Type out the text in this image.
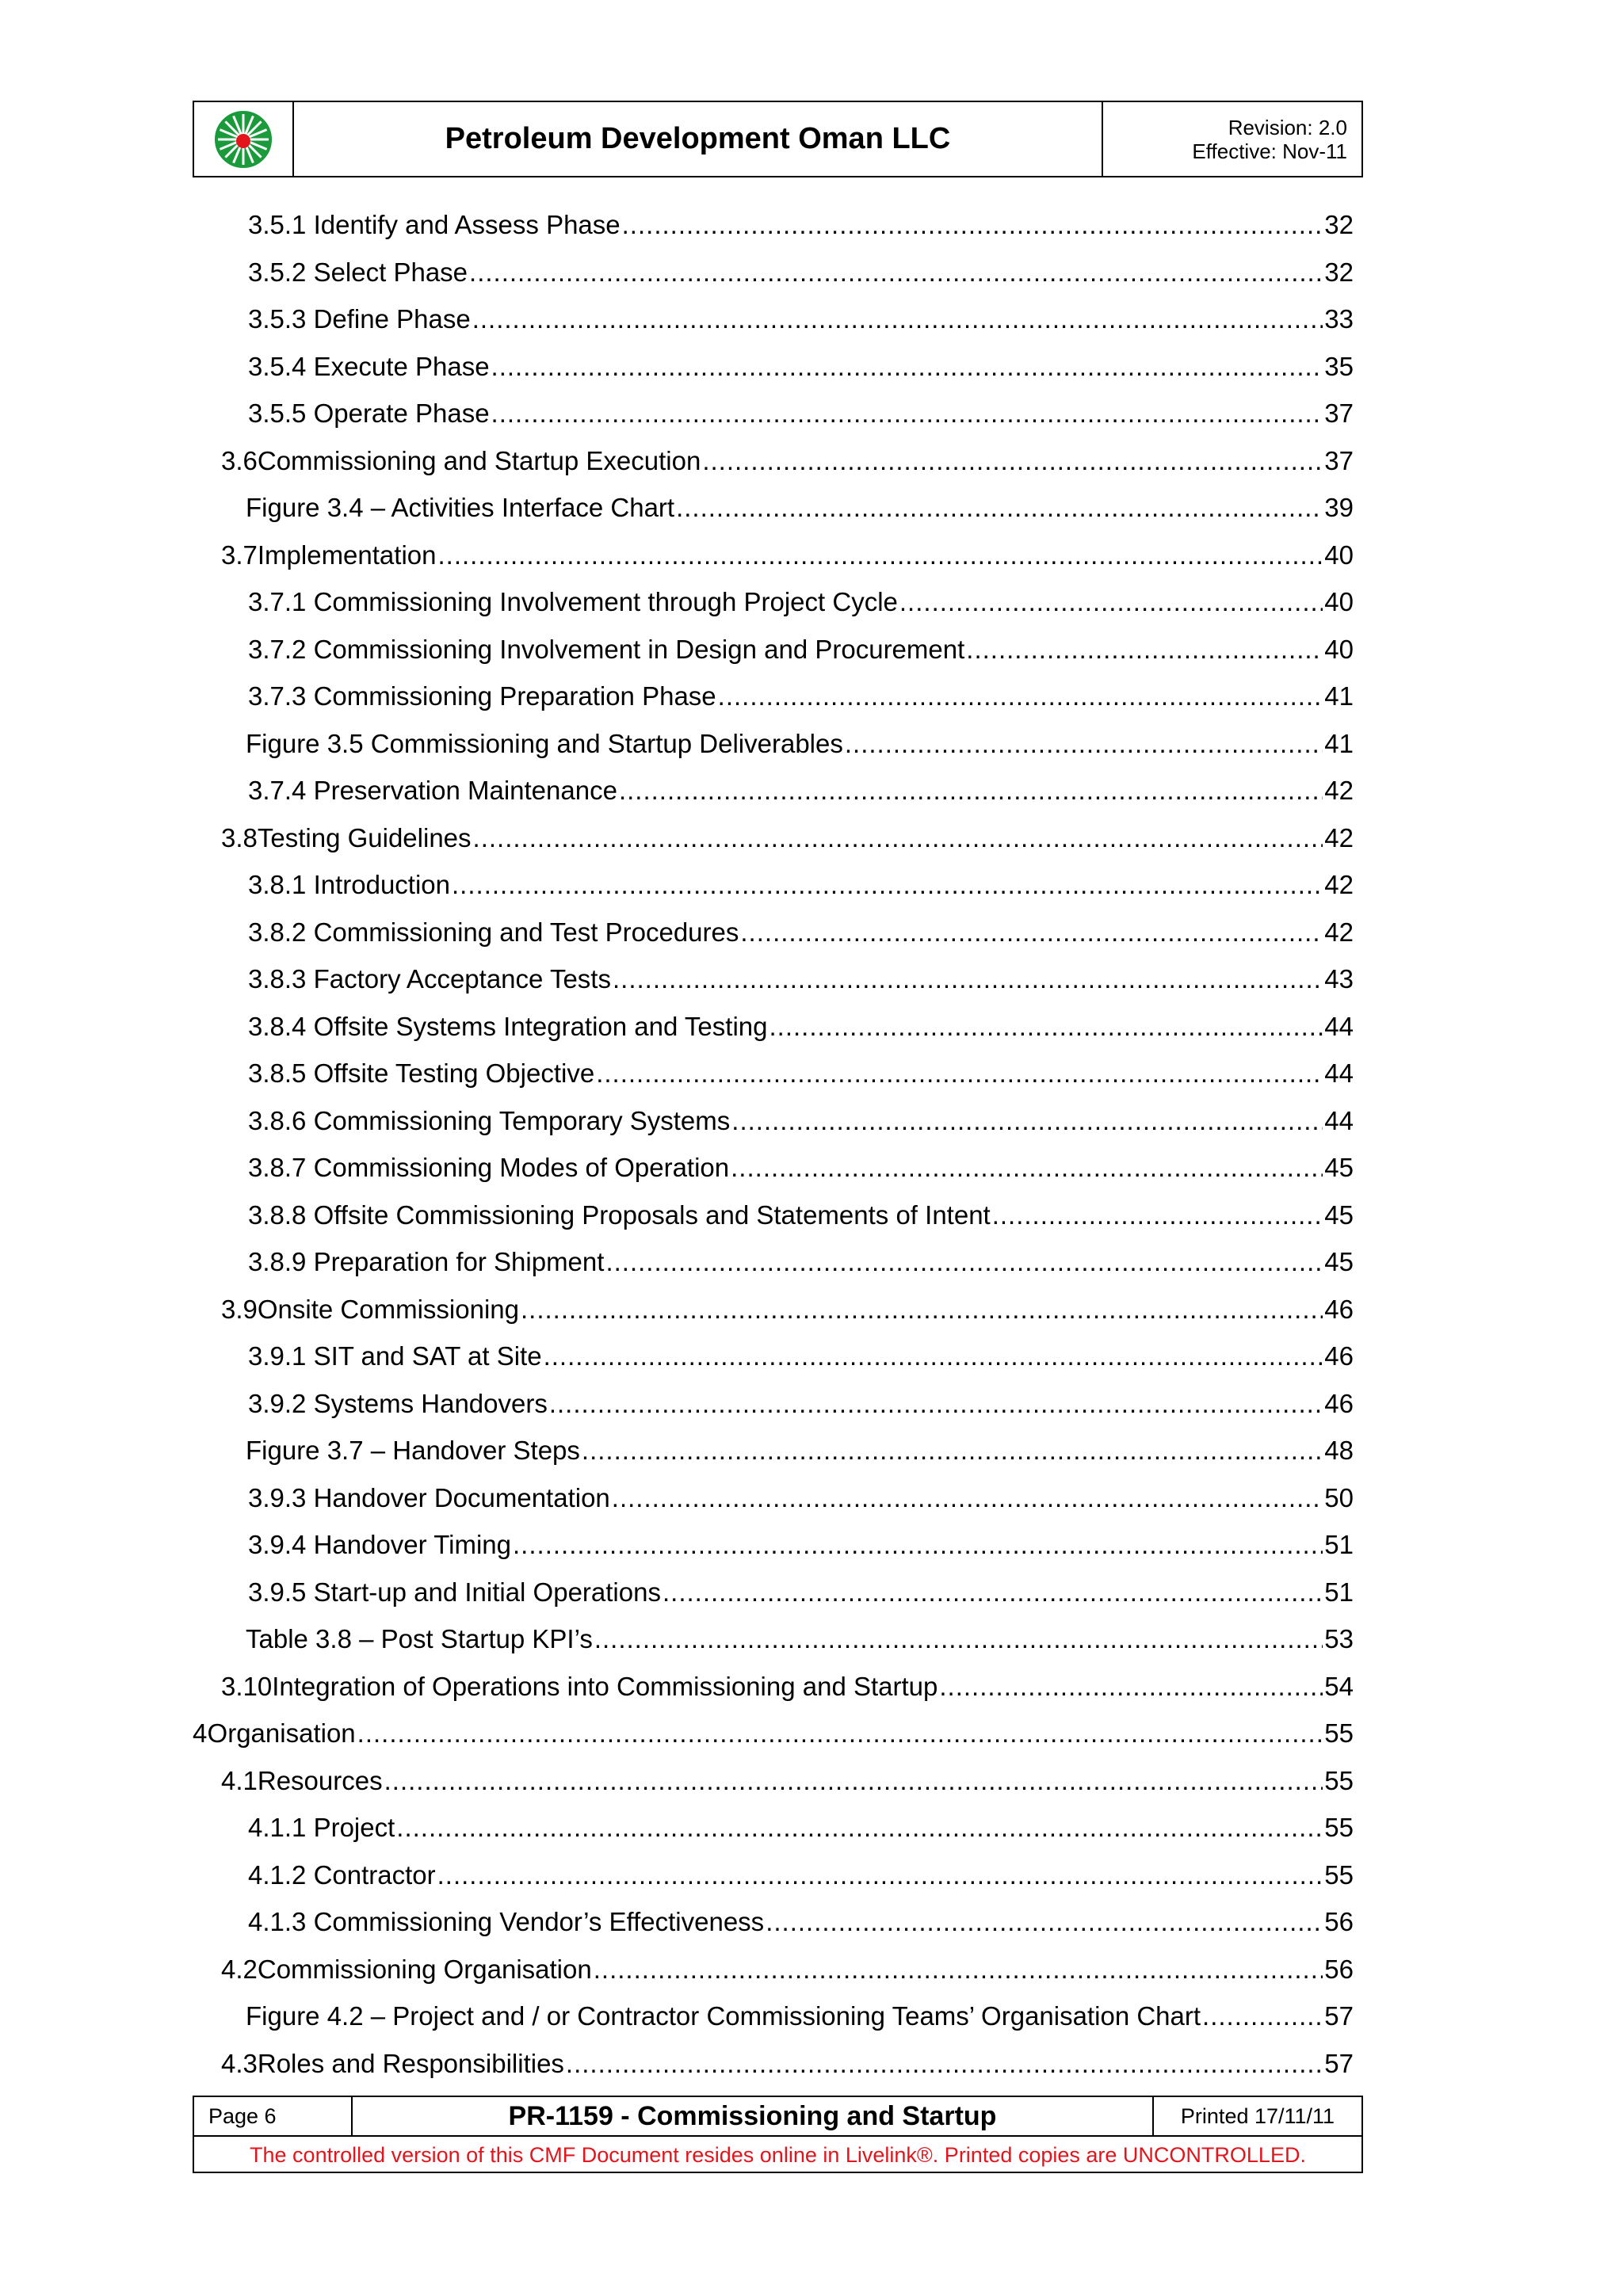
Petroleum Development Oman LLC	Revision: 2.0
Effective: Nov-11
3.5.1 Identify and Assess Phase .....	32
3.5.2 Select Phase .....	32
3.5.3 Define Phase .....	33
3.5.4 Execute Phase .....	35
3.5.5 Operate Phase .....	37
3.6 Commissioning and Startup Execution .....	37
Figure 3.4 – Activities Interface Chart .....	39
3.7 Implementation .....	40
3.7.1 Commissioning Involvement through Project Cycle .....	40
3.7.2 Commissioning Involvement in Design and Procurement .....	40
3.7.3 Commissioning Preparation Phase .....	41
Figure 3.5 Commissioning and Startup Deliverables .....	41
3.7.4 Preservation Maintenance .....	42
3.8 Testing Guidelines .....	42
3.8.1 Introduction .....	42
3.8.2 Commissioning and Test Procedures .....	42
3.8.3 Factory Acceptance Tests .....	43
3.8.4 Offsite Systems Integration and Testing .....	44
3.8.5 Offsite Testing Objective .....	44
3.8.6 Commissioning Temporary Systems .....	44
3.8.7 Commissioning Modes of Operation .....	45
3.8.8 Offsite Commissioning Proposals and Statements of Intent .....	45
3.8.9 Preparation for Shipment .....	45
3.9 Onsite Commissioning .....	46
3.9.1 SIT and SAT at Site .....	46
3.9.2 Systems Handovers .....	46
Figure 3.7 – Handover Steps .....	48
3.9.3 Handover Documentation .....	50
3.9.4 Handover Timing .....	51
3.9.5 Start-up and Initial Operations .....	51
Table 3.8 – Post Startup KPI’s .....	53
3.10 Integration of Operations into Commissioning and Startup .....	54
4 Organisation .....	55
4.1 Resources .....	55
4.1.1 Project .....	55
4.1.2 Contractor .....	55
4.1.3 Commissioning Vendor’s Effectiveness .....	56
4.2 Commissioning Organisation .....	56
Figure 4.2 – Project and / or Contractor Commissioning Teams’ Organisation Chart .....	57
4.3 Roles and Responsibilities .....	57
Page 6	PR-1159 - Commissioning and Startup	Printed 17/11/11
The controlled version of this CMF Document resides online in Livelink®. Printed copies are UNCONTROLLED.
